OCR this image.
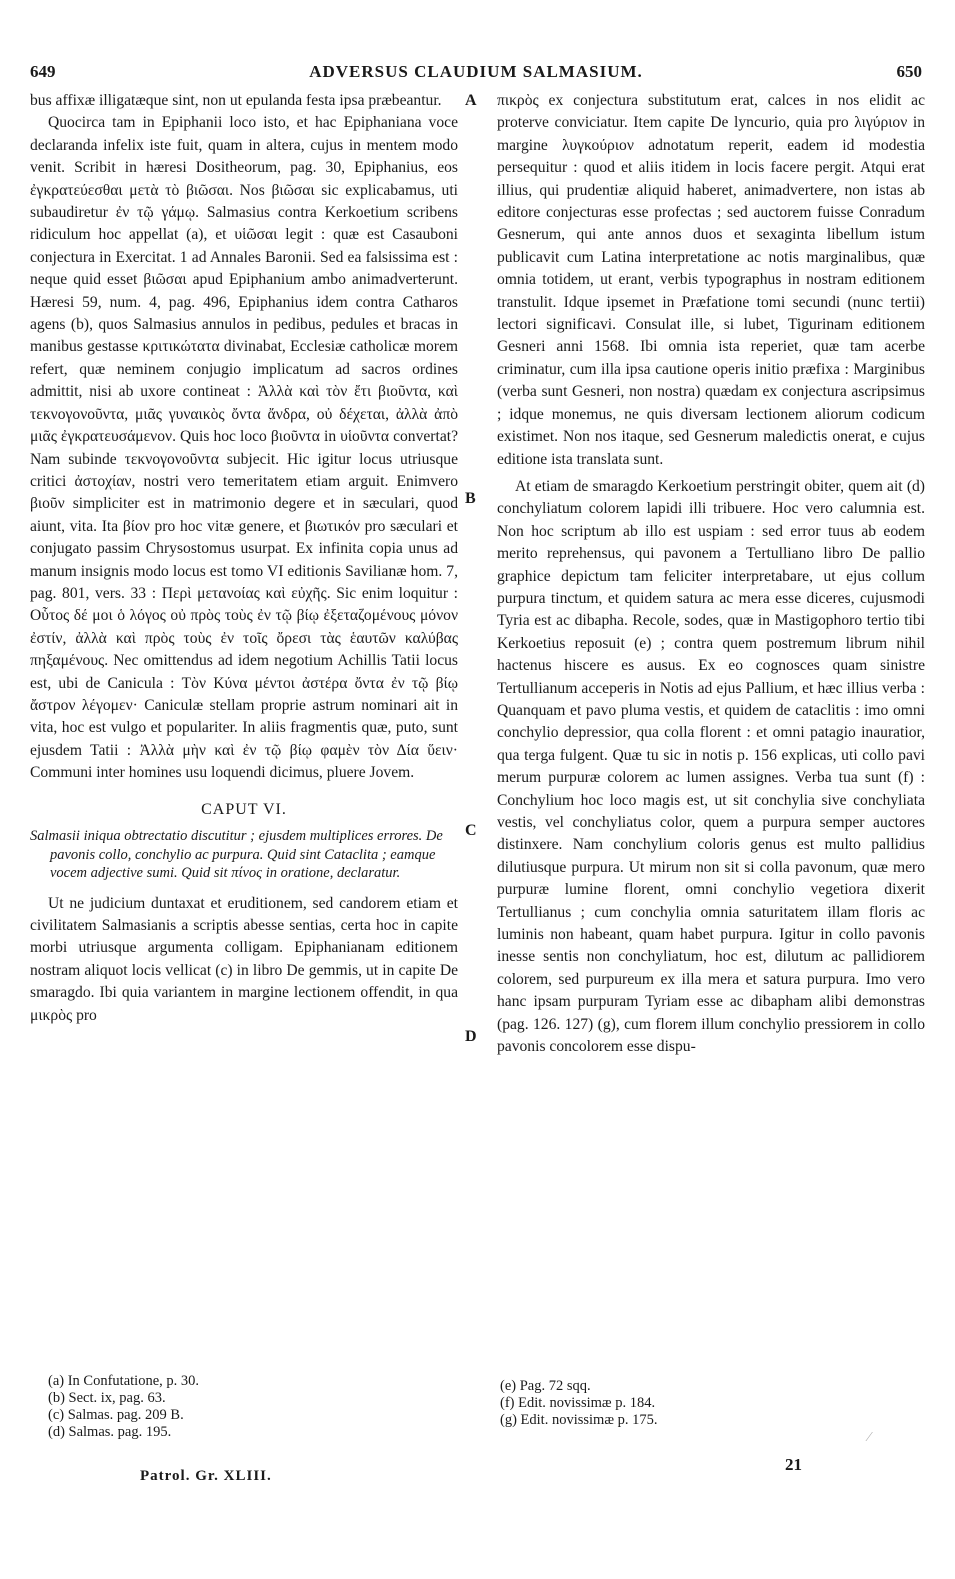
649	ADVERSUS CLAUDIUM SALMASIUM.	650
A
B
C
D

bus affixæ illigatæque sint, non ut epulanda festa ipsa præbeantur.

Quocirca tam in Epiphanii loco isto, et hac Epiphaniana voce declaranda infelix iste fuit, quam in altera, cujus in mentem modo venit. Scribit in hæresi Dositheorum, pag. 30, Epiphanius, eos ἐγκρατεύεσθαι μετὰ τὸ βιῶσαι. Nos βιῶσαι sic explicabamus, uti subaudiretur ἐν τῷ γάμῳ. Salmasius contra Kerkoetium scribens ridiculum hoc appellat (a), et υἱῶσαι legit : quæ est Casauboni conjectura in Exercitat. 1 ad Annales Baronii. Sed ea falsissima est : neque quid esset βιῶσαι apud Epiphanium ambo animadverterunt. Hæresi 59, num. 4, pag. 496, Epiphanius idem contra Catharos agens (b), quos Salmasius annulos in pedibus, pedules et bracas in manibus gestasse κριτικώτατα divinabat, Ecclesiæ catholicæ morem refert, quæ neminem conjugio implicatum ad sacros ordines admittit, nisi ab uxore contineat : Ἀλλὰ καὶ τὸν ἔτι βιοῦντα, καὶ τεκνογονοῦντα, μιᾶς γυναικὸς ὄντα ἄνδρα, οὐ δέχεται, ἀλλὰ ἀπὸ μιᾶς ἐγκρατευσάμενον. Quis hoc loco βιοῦντα in υἱοῦντα convertat? Nam subinde τεκνογονοῦντα subjecit. Hic igitur locus utriusque critici ἀστοχίαν, nostri vero temeritatem etiam arguit. Enimvero βιοῦν simpliciter est in matrimonio degere et in sæculari, quod aiunt, vita. Ita βίον pro hoc vitæ genere, et βιωτικόν pro sæculari et conjugato passim Chrysostomus usurpat. Ex infinita copia unus ad manum insignis modo locus est tomo VI editionis Savilianæ hom. 7, pag. 801, vers. 33 : Περὶ μετανοίας καὶ εὐχῆς. Sic enim loquitur : Οὗτος δέ μοι ὁ λόγος οὐ πρὸς τοὺς ἐν τῷ βίῳ ἐξεταζομένους μόνον ἐστίν, ἀλλὰ καὶ πρὸς τοὺς ἐν τοῖς ὄρεσι τὰς ἑαυτῶν καλύβας πηξαμένους. Nec omittendus ad idem negotium Achillis Tatii locus est, ubi de Canicula : Τὸν Κύνα μέντοι ἀστέρα ὄντα ἐν τῷ βίῳ ἄστρον λέγομεν· Caniculæ stellam proprie astrum nominari ait in vita, hoc est vulgo et populariter. In aliis fragmentis quæ, puto, sunt ejusdem Tatii : Ἀλλὰ μὴν καὶ ἐν τῷ βίῳ φαμὲν τὸν Δία ὕειν· Communi inter homines usu loquendi dicimus, pluere Jovem.

CAPUT VI.
Salmasii iniqua obtrectatio discutitur ; ejusdem multiplices errores. De pavonis collo, conchylio ac purpura. Quid sint Cataclita ; eamque vocem adjective sumi. Quid sit πίνος in oratione, declaratur.

Ut ne judicium duntaxat et eruditionem, sed candorem etiam et civilitatem Salmasianis a scriptis abesse sentias, certa hoc in capite morbi utriusque argumenta colligam. Epiphanianam editionem nostram aliquot locis vellicat (c) in libro De gemmis, ut in capite De smaragdo. Ibi quia variantem in margine lectionem offendit, in qua μικρὸς pro

πικρὸς ex conjectura substitutum erat, calces in nos elidit ac proterve conviciatur. Item capite De lyncurio, quia pro λιγύριον in margine λυγκούριον adnotatum reperit, eadem id modestia persequitur : quod et aliis itidem in locis facere pergit. Atqui erat illius, qui prudentiæ aliquid haberet, animadvertere, non istas ab editore conjecturas esse profectas ; sed auctorem fuisse Conradum Gesnerum, qui ante annos duos et sexaginta libellum istum publicavit cum Latina interpretatione ac notis marginalibus, quæ omnia totidem, ut erant, verbis typographus in nostram editionem transtulit. Idque ipsemet in Præfatione tomi secundi (nunc tertii) lectori significavi. Consulat ille, si lubet, Tigurinam editionem Gesneri anni 1568. Ibi omnia ista reperiet, quæ tam acerbe criminatur, cum illa ipsa cautione operis initio præfixa : Marginibus (verba sunt Gesneri, non nostra) quædam ex conjectura ascripsimus ; idque monemus, ne quis diversam lectionem aliorum codicum existimet. Non nos itaque, sed Gesnerum maledictis onerat, e cujus editione ista translata sunt.

At etiam de smaragdo Kerkoetium perstringit obiter, quem ait (d) conchyliatum colorem lapidi illi tribuere. Hoc vero calumnia est. Non hoc scriptum ab illo est uspiam : sed error tuus ab eodem merito reprehensus, qui pavonem a Tertulliano libro De pallio graphice depictum tam feliciter interpretabare, ut ejus collum purpura tinctum, et quidem satura ac mera esse diceres, cujusmodi Tyria est ac dibapha. Recole, sodes, quæ in Mastigophoro tertio tibi Kerkoetius reposuit (e) ; contra quem postremum librum nihil hactenus hiscere es ausus. Ex eo cognosces quam sinistre Tertullianum acceperis in Notis ad ejus Pallium, et hæc illius verba : Quanquam et pavo pluma vestis, et quidem de cataclitis : imo omni conchylio depressior, qua colla florent : et omni patagio inauratior, qua terga fulgent. Quæ tu sic in notis p. 156 explicas, uti collo pavi merum purpuræ colorem ac lumen assignes. Verba tua sunt (f) : Conchylium hoc loco magis est, ut sit conchylia sive conchyliata vestis, vel conchyliatus color, quem a purpura semper auctores distinxere. Nam conchylium coloris genus est multo pallidius dilutiusque purpura. Ut mirum non sit si colla pavonum, quæ mero purpuræ lumine florent, omni conchylio vegetiora dixerit Tertullianus ; cum conchylia omnia saturitatem illam floris ac luminis non habeant, quam habet purpura. Igitur in collo pavonis inesse sentis non conchyliatum, hoc est, dilutum ac pallidiorem colorem, sed purpureum ex illa mera et satura purpura. Imo vero hanc ipsam purpuram Tyriam esse ac dibapham alibi demonstras (pag. 126. 127) (g), cum florem illum conchylio pressiorem in collo pavonis concolorem esse dispu-

(a) In Confutatione, p. 30.
(b) Sect. ix, pag. 63.
(c) Salmas. pag. 209 B.
(d) Salmas. pag. 195.
(e) Pag. 72 sqq.
(f) Edit. novissimæ p. 184.
(g) Edit. novissimæ p. 175.
Patrol. Gr. XLIII.
21
⁄
